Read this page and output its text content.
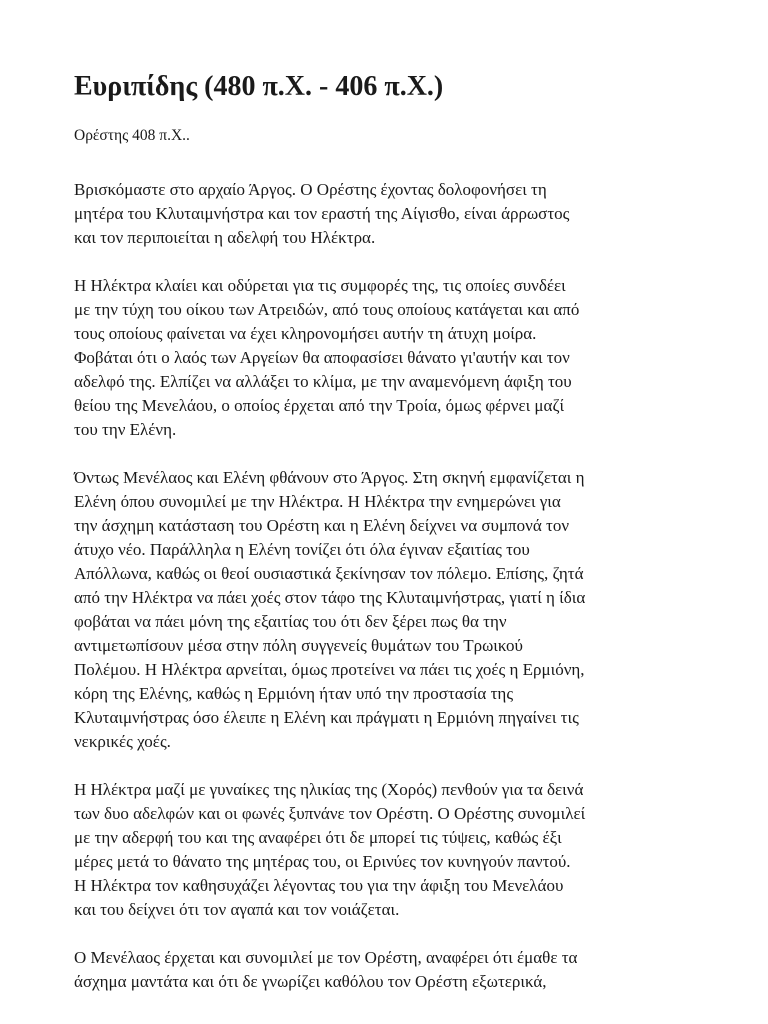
Ευριπίδης (480 π.Χ. - 406 π.Χ.)
Ορέστης 408 π.Χ..
Βρισκόμαστε στο αρχαίο Άργος. Ο Ορέστης έχοντας δολοφονήσει τη
μητέρα του Κλυταιμνήστρα και τον εραστή της Αίγισθο, είναι άρρωστος
και τον περιποιείται η αδελφή του Ηλέκτρα.
Η Ηλέκτρα κλαίει και οδύρεται για τις συμφορές της, τις οποίες συνδέει
με την τύχη του οίκου των Ατρειδών, από τους οποίους κατάγεται και από
τους οποίους φαίνεται να έχει κληρονομήσει αυτήν τη άτυχη μοίρα.
Φοβάται ότι ο λαός των Αργείων θα αποφασίσει θάνατο γι'αυτήν και τον
αδελφό της. Ελπίζει να αλλάξει το κλίμα, με την αναμενόμενη άφιξη του
θείου της Μενελάου, ο οποίος έρχεται από την Τροία, όμως φέρνει μαζί
του την Ελένη.
Όντως Μενέλαος και Ελένη φθάνουν στο Άργος. Στη σκηνή εμφανίζεται η
Ελένη όπου συνομιλεί με την Ηλέκτρα. Η Ηλέκτρα την ενημερώνει για
την άσχημη κατάσταση του Ορέστη και η Ελένη δείχνει να συμπονά τον
άτυχο νέο. Παράλληλα η Ελένη τονίζει ότι όλα έγιναν εξαιτίας του
Απόλλωνα, καθώς οι θεοί ουσιαστικά ξεκίνησαν τον πόλεμο. Επίσης, ζητά
από την Ηλέκτρα να πάει χοές στον τάφο της Κλυταιμνήστρας, γιατί η ίδια
φοβάται να πάει μόνη της εξαιτίας του ότι δεν ξέρει πως θα την
αντιμετωπίσουν μέσα στην πόλη συγγενείς θυμάτων του Τρωικού
Πολέμου. Η Ηλέκτρα αρνείται, όμως προτείνει να πάει τις χοές η Ερμιόνη,
κόρη της Ελένης, καθώς η Ερμιόνη ήταν υπό την προστασία της
Κλυταιμνήστρας όσο έλειπε η Ελένη και πράγματι η Ερμιόνη πηγαίνει τις
νεκρικές χοές.
Η Ηλέκτρα μαζί με γυναίκες της ηλικίας της (Χορός) πενθούν για τα δεινά
των δυο αδελφών και οι φωνές ξυπνάνε τον Ορέστη. Ο Ορέστης συνομιλεί
με την αδερφή του και της αναφέρει ότι δε μπορεί τις τύψεις, καθώς έξι
μέρες μετά το θάνατο της μητέρας του, οι Ερινύες τον κυνηγούν παντού.
Η Ηλέκτρα τον καθησυχάζει λέγοντας του για την άφιξη του Μενελάου
και του δείχνει ότι τον αγαπά και τον νοιάζεται.
Ο Μενέλαος έρχεται και συνομιλεί με τον Ορέστη, αναφέρει ότι έμαθε τα
άσχημα μαντάτα και ότι δε γνωρίζει καθόλου τον Ορέστη εξωτερικά,
